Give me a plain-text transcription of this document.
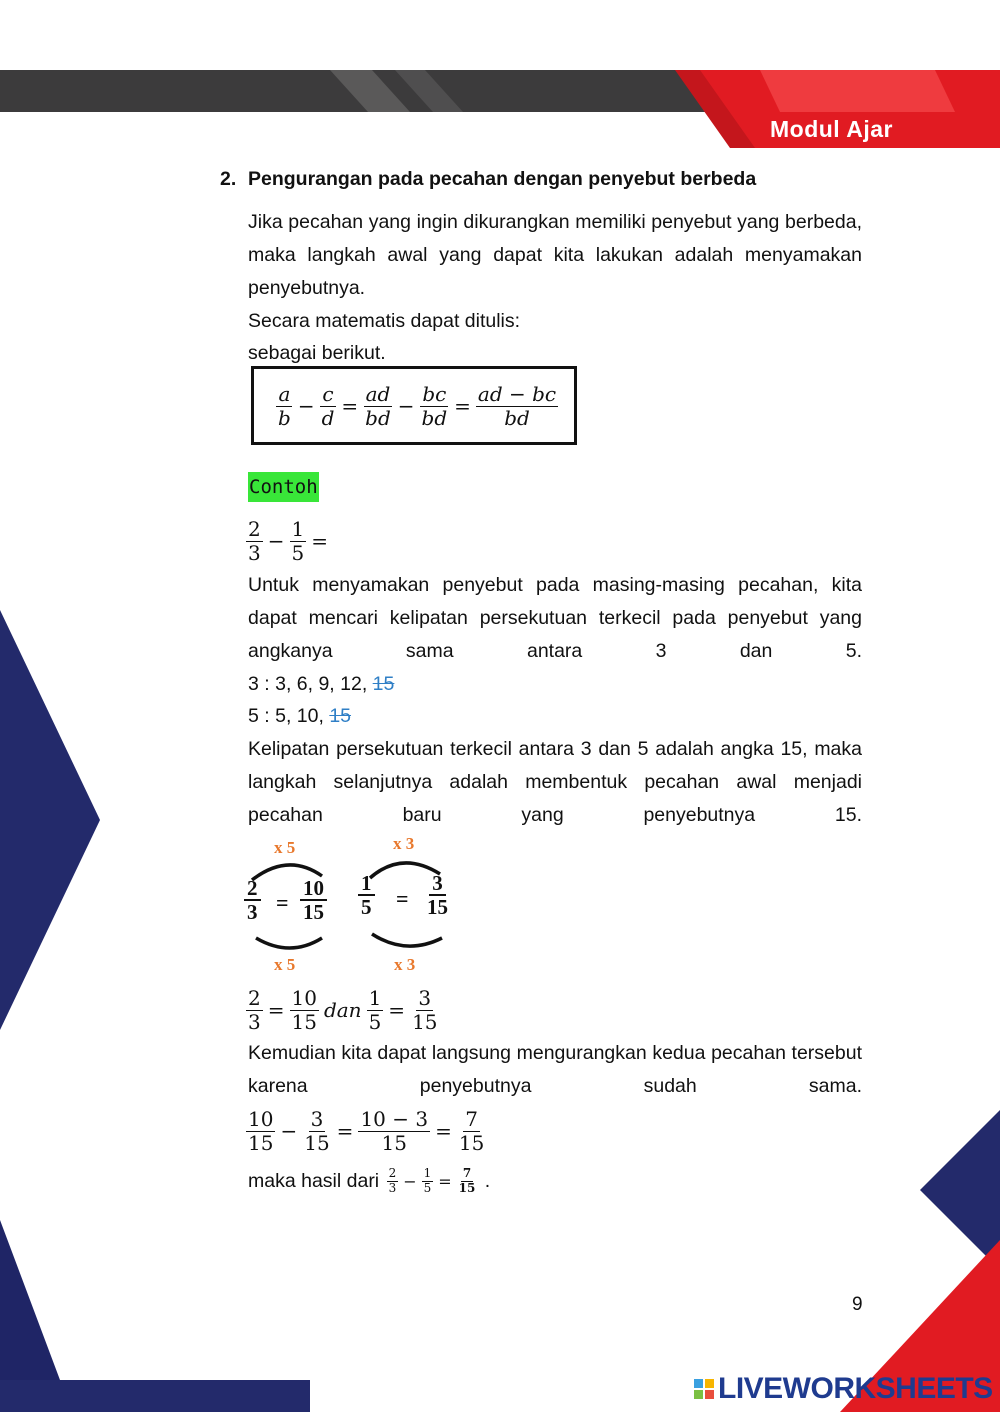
Modul Ajar
2. Pengurangan pada pecahan dengan penyebut berbeda
Jika pecahan yang ingin dikurangkan memiliki penyebut yang berbeda, maka langkah awal yang dapat kita lakukan adalah menyamakan penyebutnya.
Secara matematis dapat ditulis:
sebagai berikut.
$\frac{a}{b} - \frac{c}{d} = \frac{ad}{bd} - \frac{bc}{bd} = \frac{ad - bc}{bd}$
Contoh
$\frac{2}{3} - \frac{1}{5}$ =
Untuk menyamakan penyebut pada masing-masing pecahan, kita dapat mencari kelipatan persekutuan terkecil pada penyebut yang angkanya sama antara 3 dan 5.
3 : 3, 6, 9, 12, 15
5 : 5, 10, 15
Kelipatan persekutuan terkecil antara 3 dan 5 adalah angka 15, maka langkah selanjutnya adalah membentuk pecahan awal menjadi pecahan baru yang penyebutnya 15.
x 5
x 5
x 3
x 3
2
3 =
10
15
1
5 =
3
15
$\frac{2}{3} = \frac{10}{15}$ dan $\frac{1}{5} = \frac{3}{15}$
Kemudian kita dapat langsung mengurangkan kedua pecahan tersebut karena penyebutnya sudah sama.
$\frac{10}{15} - \frac{3}{15} = \frac{10 - 3}{15} = \frac{7}{15}$
maka hasil dari $\frac{2}{3} - \frac{1}{5} = \frac{7}{15}$ .
9
LIVEWORKSHEETS
